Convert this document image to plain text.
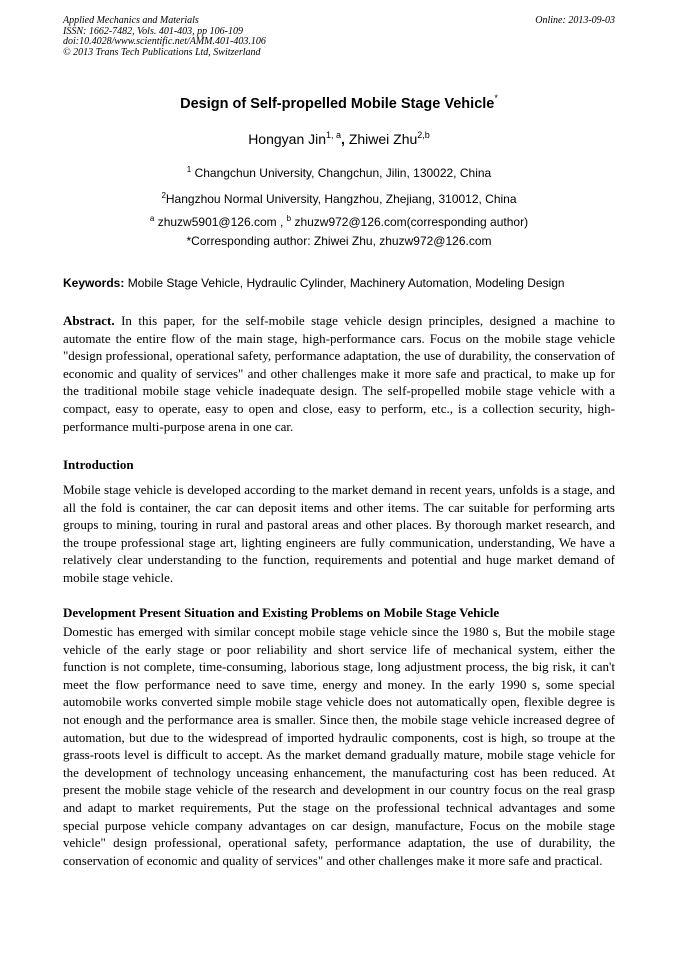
Applied Mechanics and Materials
ISSN: 1662-7482, Vols. 401-403, pp 106-109
doi:10.4028/www.scientific.net/AMM.401-403.106
© 2013 Trans Tech Publications Ltd, Switzerland
Online: 2013-09-03
Design of Self-propelled Mobile Stage Vehicle*
Hongyan Jin$^{1, a}$, Zhiwei Zhu$^{2,b}$
$^1$ Changchun University, Changchun, Jilin, 130022, China
$^2$Hangzhou Normal University, Hangzhou, Zhejiang, 310012, China
$^a$ zhuzw5901@126.com , $^b$ zhuzw972@126.com(corresponding author)
*Corresponding author: Zhiwei Zhu, zhuzw972@126.com
Keywords: Mobile Stage Vehicle, Hydraulic Cylinder, Machinery Automation, Modeling Design

Abstract. In this paper, for the self-mobile stage vehicle design principles, designed a machine to automate the entire flow of the main stage, high-performance cars. Focus on the mobile stage vehicle "design professional, operational safety, performance adaptation, the use of durability, the conservation of economic and quality of services" and other challenges make it more safe and practical, to make up for the traditional mobile stage vehicle inadequate design. The self-propelled mobile stage vehicle with a compact, easy to operate, easy to open and close, easy to perform, etc., is a collection security, high-performance multi-purpose arena in one car.

Introduction

Mobile stage vehicle is developed according to the market demand in recent years, unfolds is a stage, and all the fold is container, the car can deposit items and other items. The car suitable for performing arts groups to mining, touring in rural and pastoral areas and other places. By thorough market research, and the troupe professional stage art, lighting engineers are fully communication, understanding, We have a relatively clear understanding to the function, requirements and potential and huge market demand of mobile stage vehicle.

Development Present Situation and Existing Problems on Mobile Stage Vehicle

Domestic has emerged with similar concept mobile stage vehicle since the 1980 s, But the mobile stage vehicle of the early stage or poor reliability and short service life of mechanical system, either the function is not complete, time-consuming, laborious stage, long adjustment process, the big risk, it can't meet the flow performance need to save time, energy and money. In the early 1990 s, some special automobile works converted simple mobile stage vehicle does not automatically open, flexible degree is not enough and the performance area is smaller. Since then, the mobile stage vehicle increased degree of automation, but due to the widespread of imported hydraulic components, cost is high, so troupe at the grass-roots level is difficult to accept. As the market demand gradually mature, mobile stage vehicle for the development of technology unceasing enhancement, the manufacturing cost has been reduced. At present the mobile stage vehicle of the research and development in our country focus on the real grasp and adapt to market requirements, Put the stage on the professional technical advantages and some special purpose vehicle company advantages on car design, manufacture, Focus on the mobile stage vehicle" design professional, operational safety, performance adaptation, the use of durability, the conservation of economic and quality of services" and other challenges make it more safe and practical.
